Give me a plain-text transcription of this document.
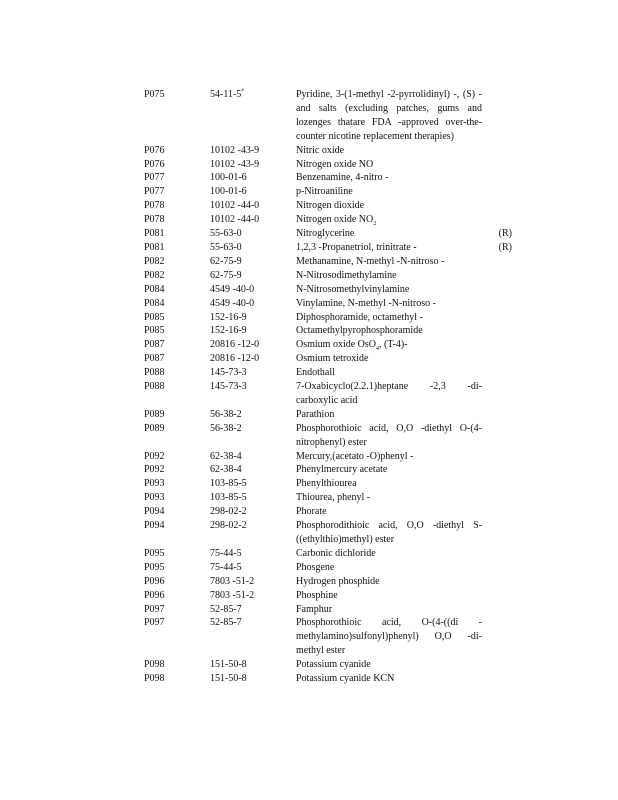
P075	54-11-5*	Pyridine, 3-(1-methyl -2-pyrrolidinyl) -, (S) - and salts (excluding patches, gums and lozenges thatare FDA -approved over-the-counter nicotine replacement therapies)
P076	10102 -43-9	Nitric oxide
P076	10102 -43-9	Nitrogen oxide NO
P077	100-01-6	Benzenamine, 4-nitro -
P077	100-01-6	p-Nitroaniline
P078	10102 -44-0	Nitrogen dioxide
P078	10102 -44-0	Nitrogen oxide $NO_2$
P081	55-63-0	Nitroglycerine	(R)
P081	55-63-0	1,2,3 -Propanetriol, trinitrate -	(R)
P082	62-75-9	Methanamine, N-methyl -N-nitroso -
P082	62-75-9	N-Nitrosodimethylamine
P084	4549 -40-0	N-Nitrosomethylvinylamine
P084	4549 -40-0	Vinylamine, N-methyl -N-nitroso -
P085	152-16-9	Diphosphoramide, octamethyl -
P085	152-16-9	Octamethylpyrophosphoramide
P087	20816 -12-0	Osmium oxide OsO$_4$, (T-4)-
P087	20816 -12-0	Osmium tetroxide
P088	145-73-3	Endothall
P088	145-73-3	7-Oxabicyclo(2.2.1)heptane -2,3 -di-carboxylic acid
P089	56-38-2	Parathion
P089	56-38-2	Phosphorothioic acid, O,O -diethyl O-(4-nitrophenyl) ester
P092	62-38-4	Mercury,(acetato -O)phenyl -
P092	62-38-4	Phenylmercury acetate
P093	103-85-5	Phenylthiourea
P093	103-85-5	Thiourea, phenyl -
P094	298-02-2	Phorate
P094	298-02-2	Phosphorodithioic acid, O,O -diethyl S-((ethylthio)methyl) ester
P095	75-44-5	Carbonic dichloride
P095	75-44-5	Phosgene
P096	7803 -51-2	Hydrogen phosphide
P096	7803 -51-2	Phosphine
P097	52-85-7	Famphur
P097	52-85-7	Phosphorothioic acid, O-(4-((di -methylamino)sulfonyl)phenyl) O,O -di-methyl ester
P098	151-50-8	Potassium cyanide
P098	151-50-8	Potassium cyanide KCN
